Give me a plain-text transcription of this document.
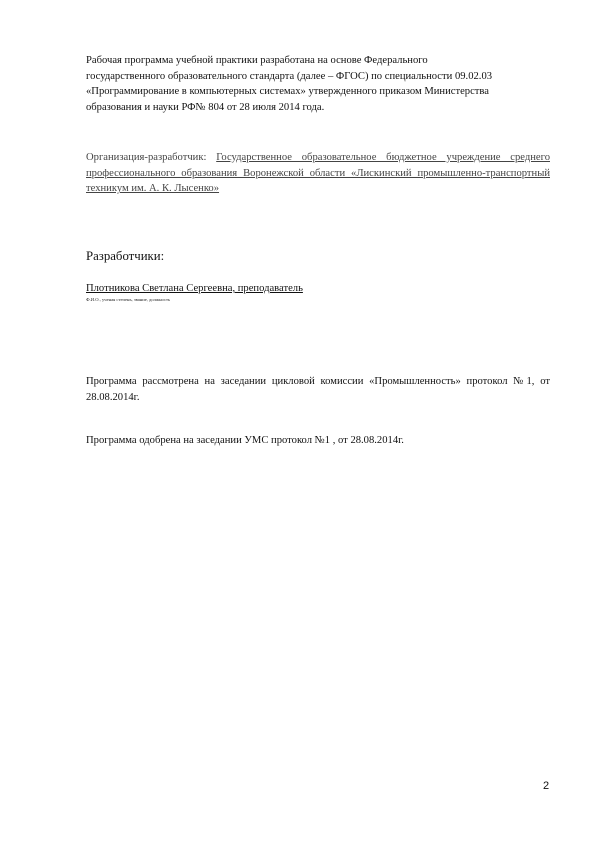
Рабочая программа учебной практики разработана на основе Федерального
государственного образовательного стандарта (далее – ФГОС) по специальности 09.02.03
«Программирование в компьютерных системах» утвержденного приказом Министерства
образования и науки РФ№ 804 от 28 июля 2014 года.
Организация-разработчик: Государственное образовательное бюджетное учреждение среднего профессионального образования Воронежской области «Лискинский промышленно-транспортный техникум им. А. К. Лысенко»
Разработчики:
Плотникова Светлана Сергеевна, преподаватель
Ф.И.О., ученая степень, звание, должность
Программа рассмотрена на заседании цикловой комиссии «Промышленность» протокол №1, от 28.08.2014г.
Программа одобрена на заседании УМС протокол №1 , от 28.08.2014г.
2
